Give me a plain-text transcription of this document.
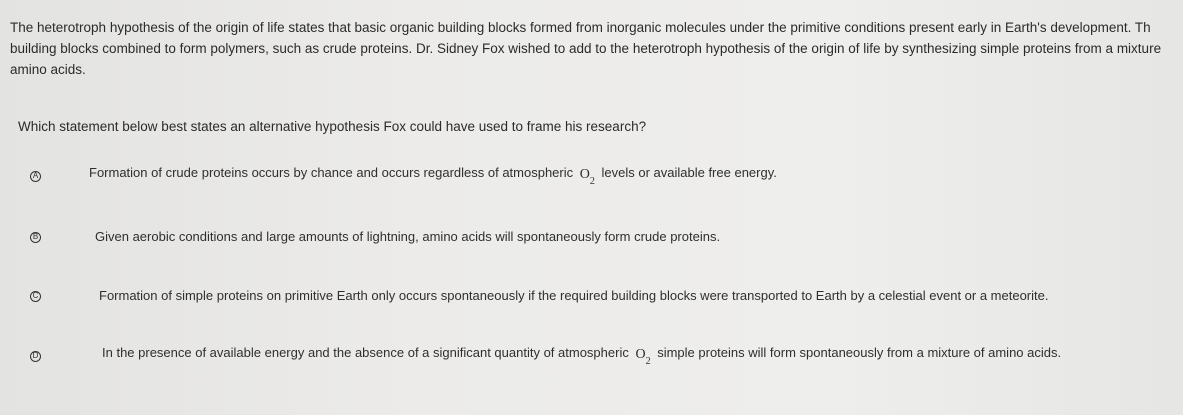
The heterotroph hypothesis of the origin of life states that basic organic building blocks formed from inorganic molecules under the primitive conditions present early in Earth's development. Th
building blocks combined to form polymers, such as crude proteins. Dr. Sidney Fox wished to add to the heterotroph hypothesis of the origin of life by synthesizing simple proteins from a mixture
amino acids.
Which statement below best states an alternative hypothesis Fox could have used to frame his research?
A	Formation of crude proteins occurs by chance and occurs regardless of atmospheric $O_2$ levels or available free energy.
B	Given aerobic conditions and large amounts of lightning, amino acids will spontaneously form crude proteins.
C	Formation of simple proteins on primitive Earth only occurs spontaneously if the required building blocks were transported to Earth by a celestial event or a meteorite.
D	In the presence of available energy and the absence of a significant quantity of atmospheric $O_2$ simple proteins will form spontaneously from a mixture of amino acids.
